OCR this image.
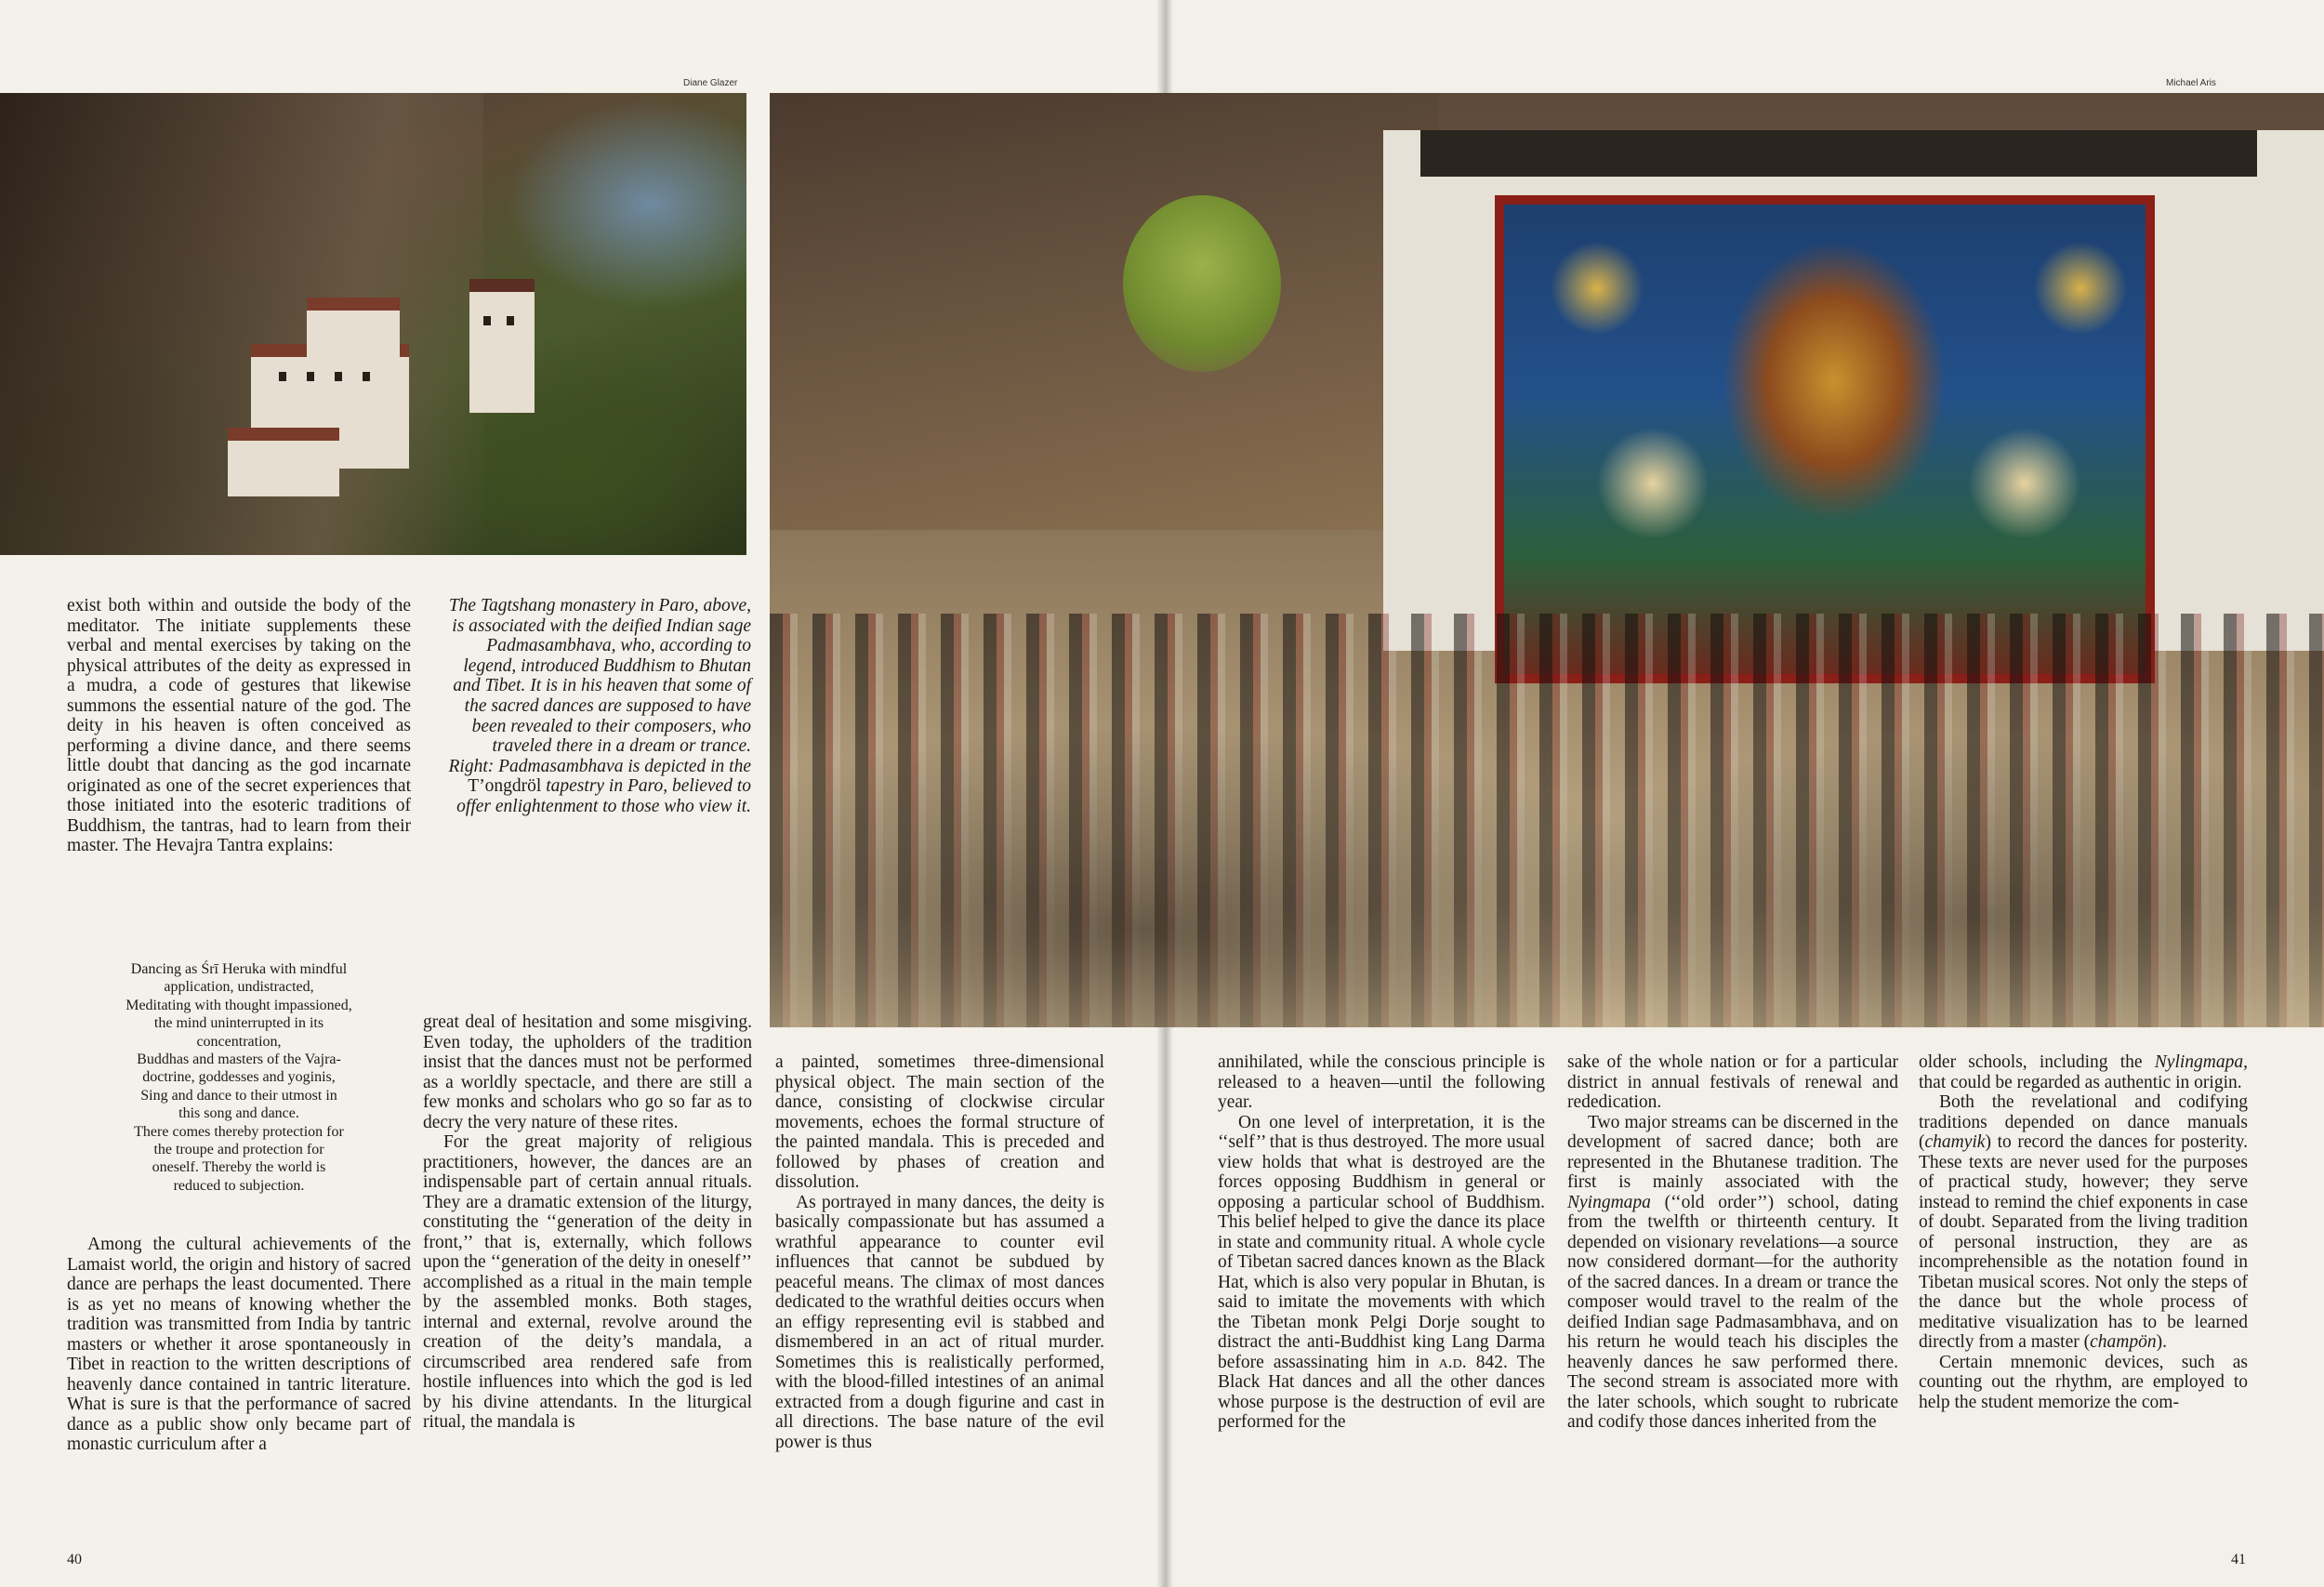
Diane Glazer	Michael Aris

exist both within and outside the body of the meditator. The initiate supplements these verbal and mental exercises by taking on the physical attributes of the deity as expressed in a mudra, a code of gestures that likewise summons the essential nature of the god. The deity in his heaven is often conceived as performing a divine dance, and there seems little doubt that dancing as the god incarnate originated as one of the secret experiences that those initiated into the esoteric traditions of Buddhism, the tantras, had to learn from their master. The Hevajra Tantra explains:

Dancing as Śrī Heruka with mindful
application, undistracted,
Meditating with thought impassioned,
the mind uninterrupted in its
concentration,
Buddhas and masters of the Vajra-
doctrine, goddesses and yoginis,
Sing and dance to their utmost in
this song and dance.
There comes thereby protection for
the troupe and protection for
oneself. Thereby the world is
reduced to subjection.

Among the cultural achievements of the Lamaist world, the origin and history of sacred dance are perhaps the least documented. There is as yet no means of knowing whether the tradition was transmitted from India by tantric masters or whether it arose spontaneously in Tibet in reaction to the written descriptions of heavenly dance contained in tantric literature. What is sure is that the performance of sacred dance as a public show only became part of monastic curriculum after a

The Tagtshang monastery in Paro, above, is associated with the deified Indian sage Padmasambhava, who, according to legend, introduced Buddhism to Bhutan and Tibet. It is in his heaven that some of the sacred dances are supposed to have been revealed to their composers, who traveled there in a dream or trance. Right: Padmasambhava is depicted in the T’ongdröl tapestry in Paro, believed to offer enlightenment to those who view it.

great deal of hesitation and some misgiving. Even today, the upholders of the tradition insist that the dances must not be performed as a worldly spectacle, and there are still a few monks and scholars who go so far as to decry the very nature of these rites.

For the great majority of religious practitioners, however, the dances are an indispensable part of certain annual rituals. They are a dramatic extension of the liturgy, constituting the ‘‘generation of the deity in front,’’ that is, externally, which follows upon the ‘‘generation of the deity in oneself’’ accomplished as a ritual in the main temple by the assembled monks. Both stages, internal and external, revolve around the creation of the deity’s mandala, a circumscribed area rendered safe from hostile influences into which the god is led by his divine attendants. In the liturgical ritual, the mandala is

a painted, sometimes three-dimensional physical object. The main section of the dance, consisting of clockwise circular movements, echoes the formal structure of the painted mandala. This is preceded and followed by phases of creation and dissolution.

As portrayed in many dances, the deity is basically compassionate but has assumed a wrathful appearance to counter evil influences that cannot be subdued by peaceful means. The climax of most dances dedicated to the wrathful deities occurs when an effigy representing evil is stabbed and dismembered in an act of ritual murder. Sometimes this is realistically performed, with the blood-filled intestines of an animal extracted from a dough figurine and cast in all directions. The base nature of the evil power is thus

annihilated, while the conscious principle is released to a heaven—until the following year.

On one level of interpretation, it is the ‘‘self’’ that is thus destroyed. The more usual view holds that what is destroyed are the forces opposing Buddhism in general or opposing a particular school of Buddhism. This belief helped to give the dance its place in state and community ritual. A whole cycle of Tibetan sacred dances known as the Black Hat, which is also very popular in Bhutan, is said to imitate the movements with which the Tibetan monk Pelgi Dorje sought to distract the anti-Buddhist king Lang Darma before assassinating him in a.d. 842. The Black Hat dances and all the other dances whose purpose is the destruction of evil are performed for the

sake of the whole nation or for a particular district in annual festivals of renewal and rededication.

Two major streams can be discerned in the development of sacred dance; both are represented in the Bhutanese tradition. The first is mainly associated with the Nyingmapa (‘‘old order’’) school, dating from the twelfth or thirteenth century. It depended on visionary revelations—a source now considered dormant—for the authority of the sacred dances. In a dream or trance the composer would travel to the realm of the deified Indian sage Padmasambhava, and on his return he would teach his disciples the heavenly dances he saw performed there. The second stream is associated more with the later schools, which sought to rubricate and codify those dances inherited from the

older schools, including the Nylingmapa, that could be regarded as authentic in origin.

Both the revelational and codifying traditions depended on dance manuals (chamyik) to record the dances for posterity. These texts are never used for the purposes of practical study, however; they serve instead to remind the chief exponents in case of doubt. Separated from the living tradition of personal instruction, they are as incomprehensible as the notation found in Tibetan musical scores. Not only the steps of the dance but the whole process of meditative visualization has to be learned directly from a master (champön).

Certain mnemonic devices, such as counting out the rhythm, are employed to help the student memorize the com-

40	41
